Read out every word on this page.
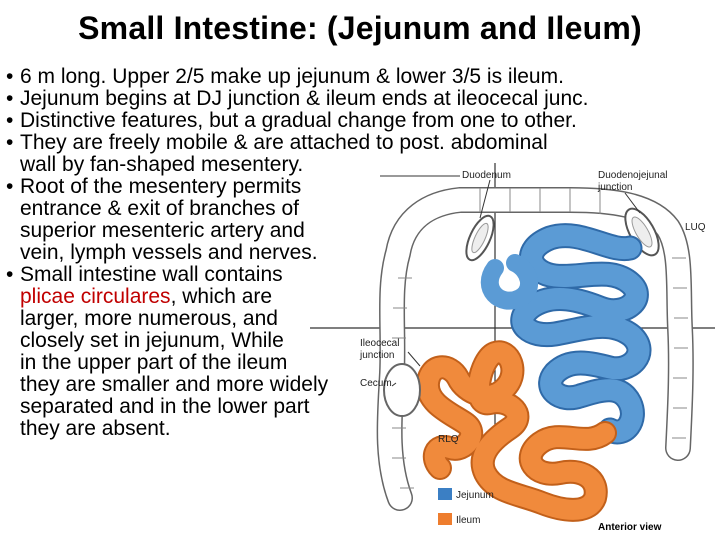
Small Intestine: (Jejunum and Ileum)

• 6 m long. Upper 2/5 make up jejunum & lower 3/5 is ileum.

• Jejunum begins at DJ junction & ileum ends at ileocecal junc.

• Distinctive features, but a gradual change from one to other.

• They are freely mobile & are attached to post. abdominal
wall by fan-shaped mesentery.

• Root of the mesentery permits
entrance & exit of branches of
superior mesenteric artery and
vein, lymph vessels and nerves.

• Small intestine wall contains
plicae circulares, which are
larger, more numerous, and
closely set in jejunum, While
in the upper part of the ileum
they are smaller and more widely
separated and in the lower part
they are absent.

Duodenum	Duodenojejunal
junction
LUQ
Ileocecal
junction
Cecum
RLQ
Jejunum
Ileum
Anterior view
